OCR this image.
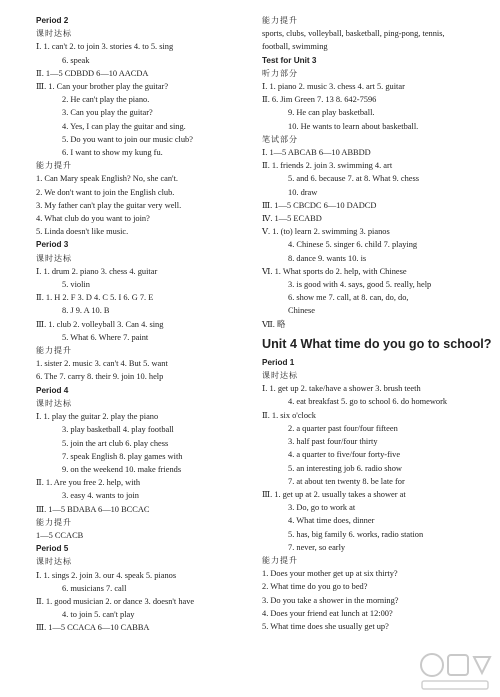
Period 2
课时达标
Ⅰ. 1. can't 2. to join 3. stories 4. to 5. sing
6. speak
Ⅱ. 1—5 CDBDD 6—10 AACDA
Ⅲ. 1. Can your brother play the guitar?
2. He can't play the piano.
3. Can you play the guitar?
4. Yes, I can play the guitar and sing.
5. Do you want to join our music club?
6. I want to show my kung fu.
能力提升
1. Can Mary speak English? No, she can't.
2. We don't want to join the English club.
3. My father can't play the guitar very well.
4. What club do you want to join?
5. Linda doesn't like music.
Period 3
课时达标
Ⅰ. 1. drum 2. piano 3. chess 4. guitar
5. violin
Ⅱ. 1. H 2. F 3. D 4. C 5. I 6. G 7. E
8. J 9. A 10. B
Ⅲ. 1. club 2. volleyball 3. Can 4. sing
5. What 6. Where 7. paint
能力提升
1. sister 2. music 3. can't 4. But 5. want
6. The 7. carry 8. their 9. join 10. help
Period 4
课时达标
Ⅰ. 1. play the guitar 2. play the piano
3. play basketball 4. play football
5. join the art club 6. play chess
7. speak English 8. play games with
9. on the weekend 10. make friends
Ⅱ. 1. Are you free 2. help, with
3. easy 4. wants to join
Ⅲ. 1—5 BDABA 6—10 BCCAC
能力提升
1—5 CCACB
Period 5
课时达标
Ⅰ. 1. sings 2. join 3. our 4. speak 5. pianos
6. musicians 7. call
Ⅱ. 1. good musician 2. or dance 3. doesn't have
4. to join 5. can't play
Ⅲ. 1—5 CCACA 6—10 CABBA
能力提升
sports, clubs, volleyball, basketball, ping-pong, tennis,
football, swimming
Test for Unit 3
听力部分
Ⅰ. 1. piano 2. music 3. chess 4. art 5. guitar
Ⅱ. 6. Jim Green 7. 13 8. 642-7596
9. He can play basketball.
10. He wants to learn about basketball.
笔试部分
Ⅰ. 1—5 ABCAB 6—10 ABBDD
Ⅱ. 1. friends 2. join 3. swimming 4. art
5. and 6. because 7. at 8. What 9. chess
10. draw
Ⅲ. 1—5 CBCDC 6—10 DADCD
Ⅳ. 1—5 ECABD
Ⅴ. 1. (to) learn 2. swimming 3. pianos
4. Chinese 5. singer 6. child 7. playing
8. dance 9. wants 10. is
Ⅵ. 1. What sports do 2. help, with Chinese
3. is good with 4. says, good 5. really, help
6. show me 7. call, at 8. can, do, do,
Chinese
Ⅶ. 略
Unit 4 What time do you go to school?
Period 1
课时达标
Ⅰ. 1. get up 2. take/have a shower 3. brush teeth
4. eat breakfast 5. go to school 6. do homework
Ⅱ. 1. six o'clock
2. a quarter past four/four fifteen
3. half past four/four thirty
4. a quarter to five/four forty-five
5. an interesting job 6. radio show
7. at about ten twenty 8. be late for
Ⅲ. 1. get up at 2. usually takes a shower at
3. Do, go to work at
4. What time does, dinner
5. has, big family 6. works, radio station
7. never, so early
能力提升
1. Does your mother get up at six thirty?
2. What time do you go to bed?
3. Do you take a shower in the morning?
4. Does your friend eat lunch at 12:00?
5. What time does she usually get up?
